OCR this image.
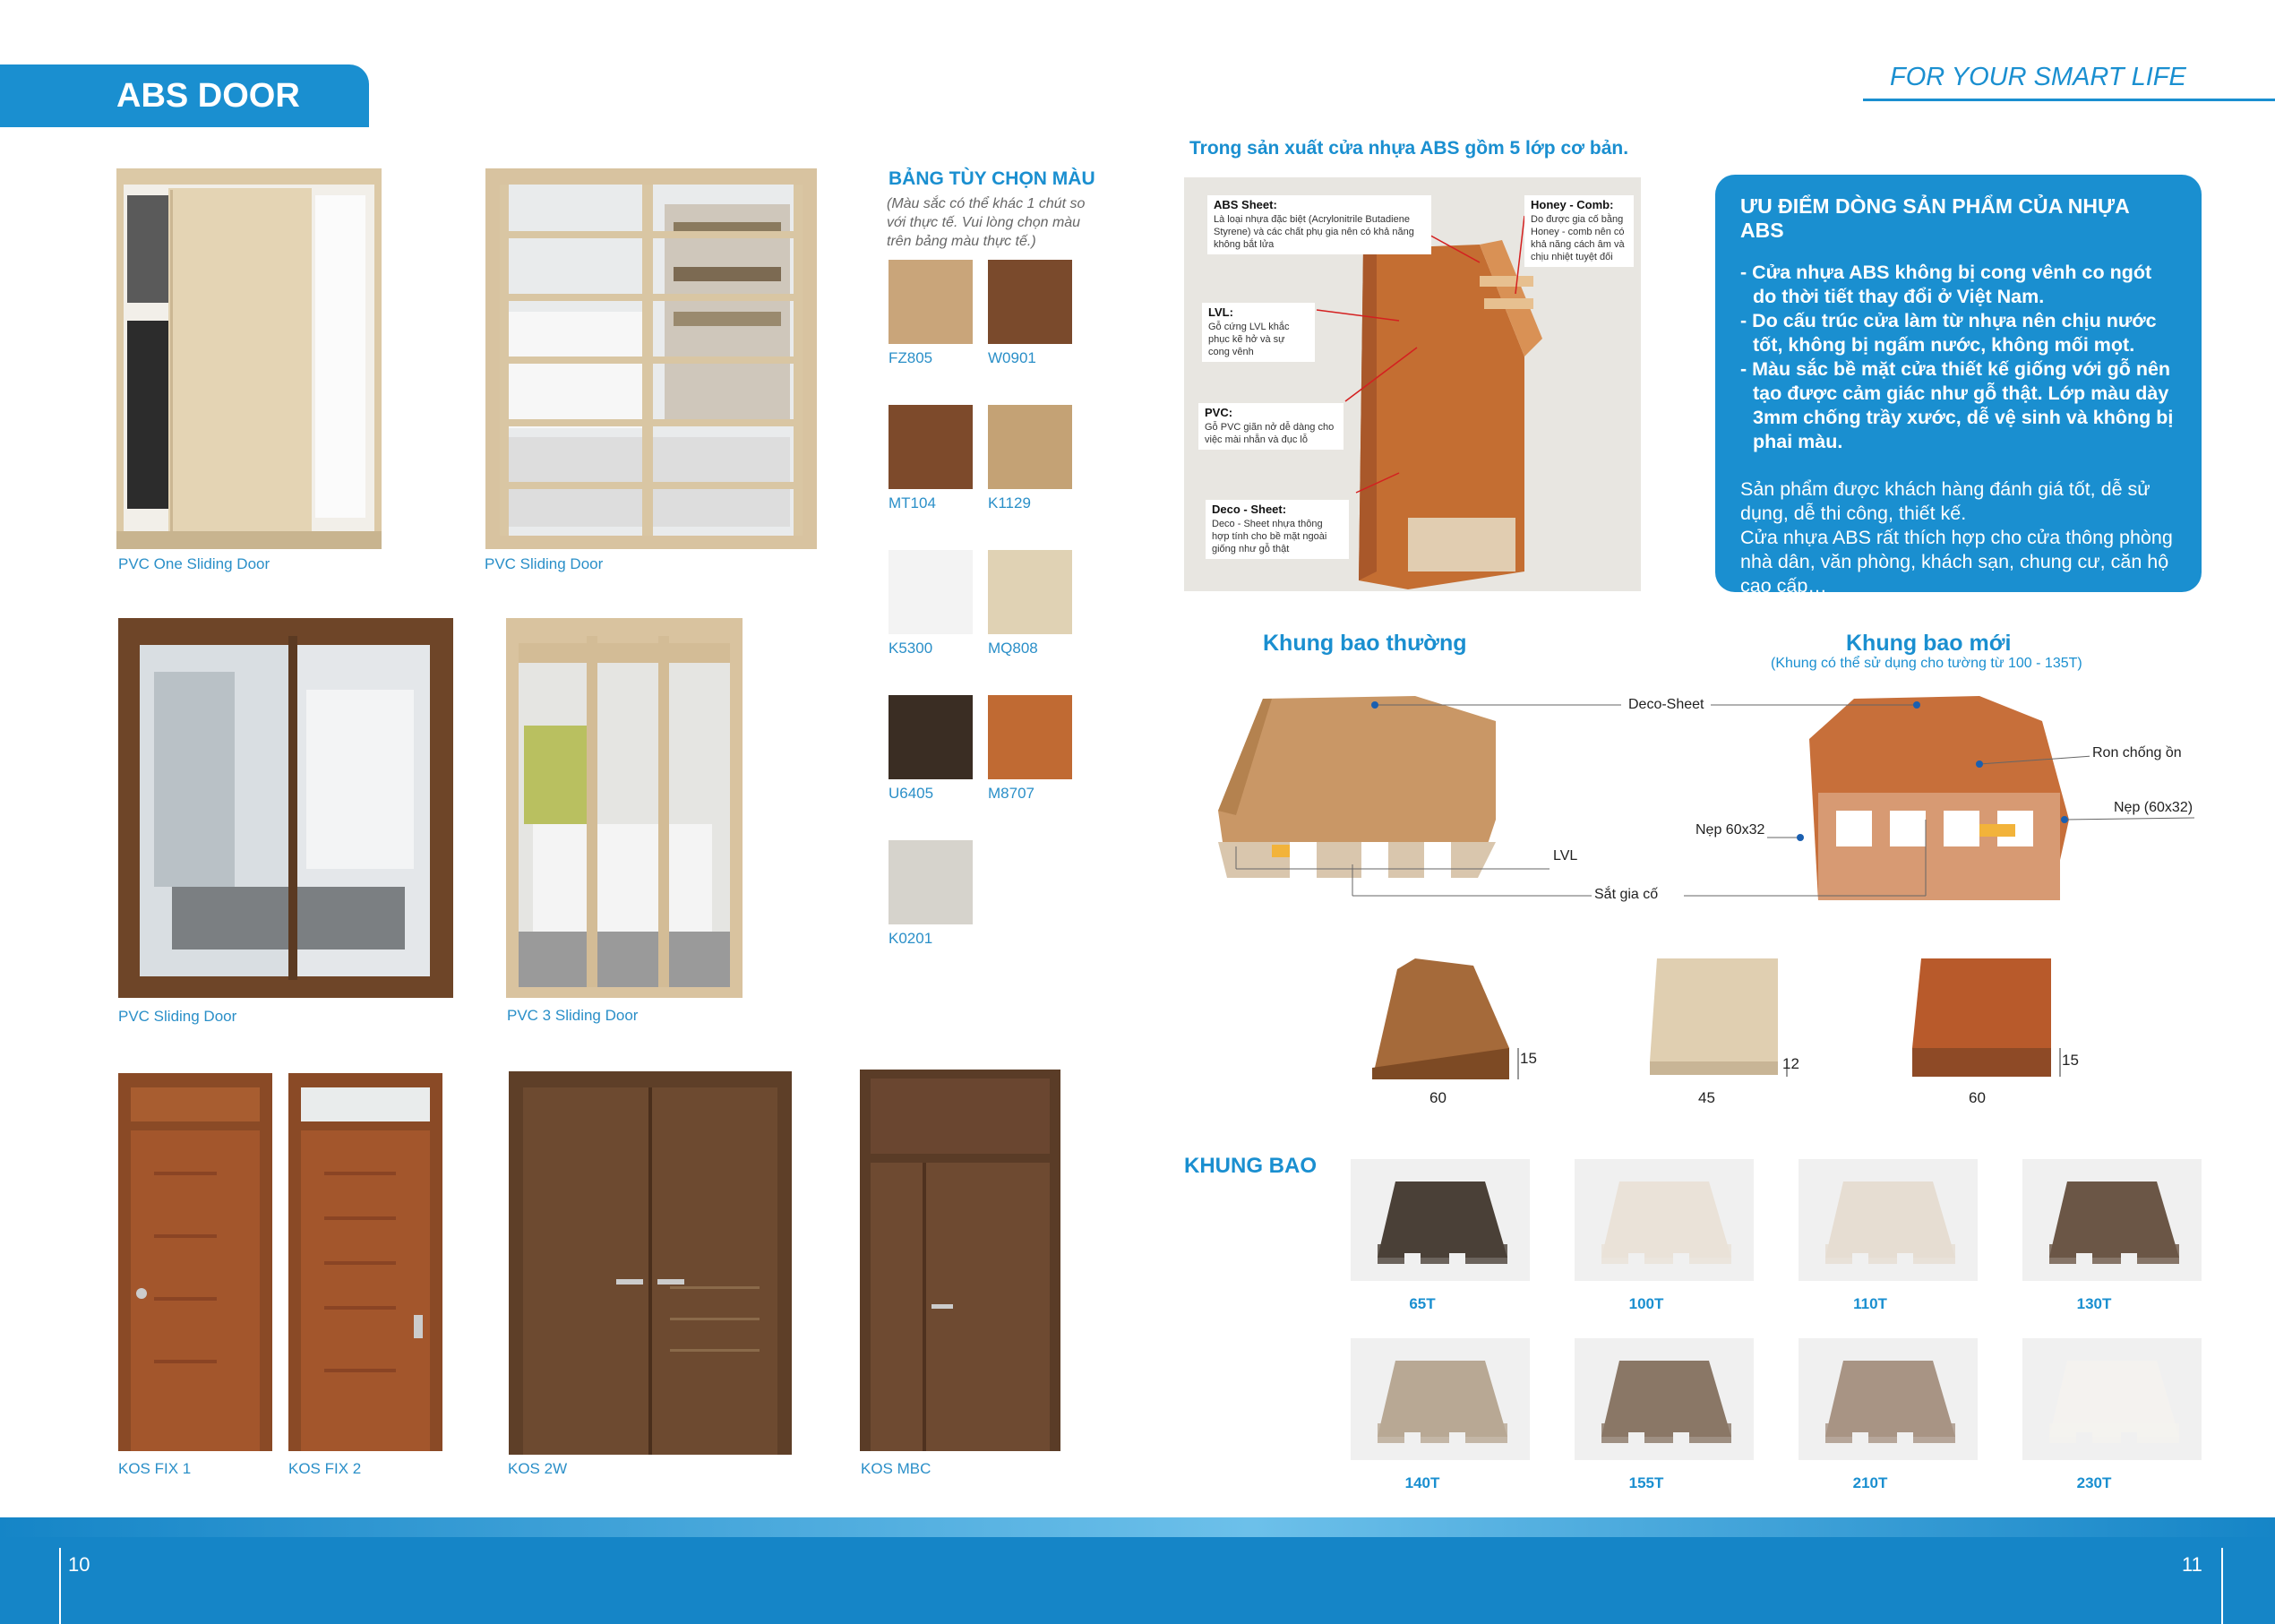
ABS DOOR	FOR YOUR SMART LIFE
PVC One Sliding Door	PVC Sliding Door
PVC Sliding Door	PVC 3 Sliding Door
KOS FIX 1	KOS FIX 2	KOS 2W	KOS MBC
BẢNG TÙY CHỌN MÀU
(Màu sắc có thể khác 1 chút so với thực tế. Vui lòng chọn màu trên bảng màu thực tế.)
FZ805	W0901
MT104	K1129
K5300	MQ808
U6405	M8707
K0201
Trong sản xuất cửa nhựa ABS gồm 5 lớp cơ bản.
ABS Sheet:
Là loại nhựa đặc biệt (Acrylonitrile Butadiene Styrene) và các chất phụ gia nên có khả năng không bắt lửa
Honey - Comb:
Do được gia cố bằng Honey - comb nên có khả năng cách âm và chịu nhiệt tuyệt đối
LVL:
Gỗ cứng LVL khắc phục kẽ hở và sự cong vênh
PVC:
Gỗ PVC giãn nở dễ dàng cho việc mài nhẵn và đục lỗ
Deco - Sheet:
Deco - Sheet nhựa thông hợp tính cho bề mặt ngoài giống như gỗ thật
ƯU ĐIỂM DÒNG SẢN PHẨM CỦA NHỰA ABS
- Cửa nhựa ABS không bị cong vênh co ngót do thời tiết thay đổi ở Việt Nam.
- Do cấu trúc cửa làm từ nhựa nên chịu nước tốt, không bị ngấm nước, không mối mọt.
- Màu sắc bề mặt cửa thiết kế giống với gỗ nên tạo được cảm giác như gỗ thật. Lớp màu dày 3mm chống trầy xước, dễ vệ sinh và không bị phai màu.
Sản phẩm được khách hàng đánh giá tốt, dễ sử dụng, dễ thi công, thiết kế.
Cửa nhựa ABS rất thích hợp cho cửa thông phòng nhà dân, văn phòng, khách sạn, chung cư, căn hộ cao cấp…
Khung bao thường	Khung bao mới
(Khung có thể sử dụng cho tường từ 100 - 135T)
Deco-Sheet
Ron chống ồn
Nẹp (60x32)
Nẹp 60x32
LVL
Sắt gia cố
15
60
12
45
15
60
KHUNG BAO
65T	100T	110T	130T
140T	155T	210T	230T
10	11
